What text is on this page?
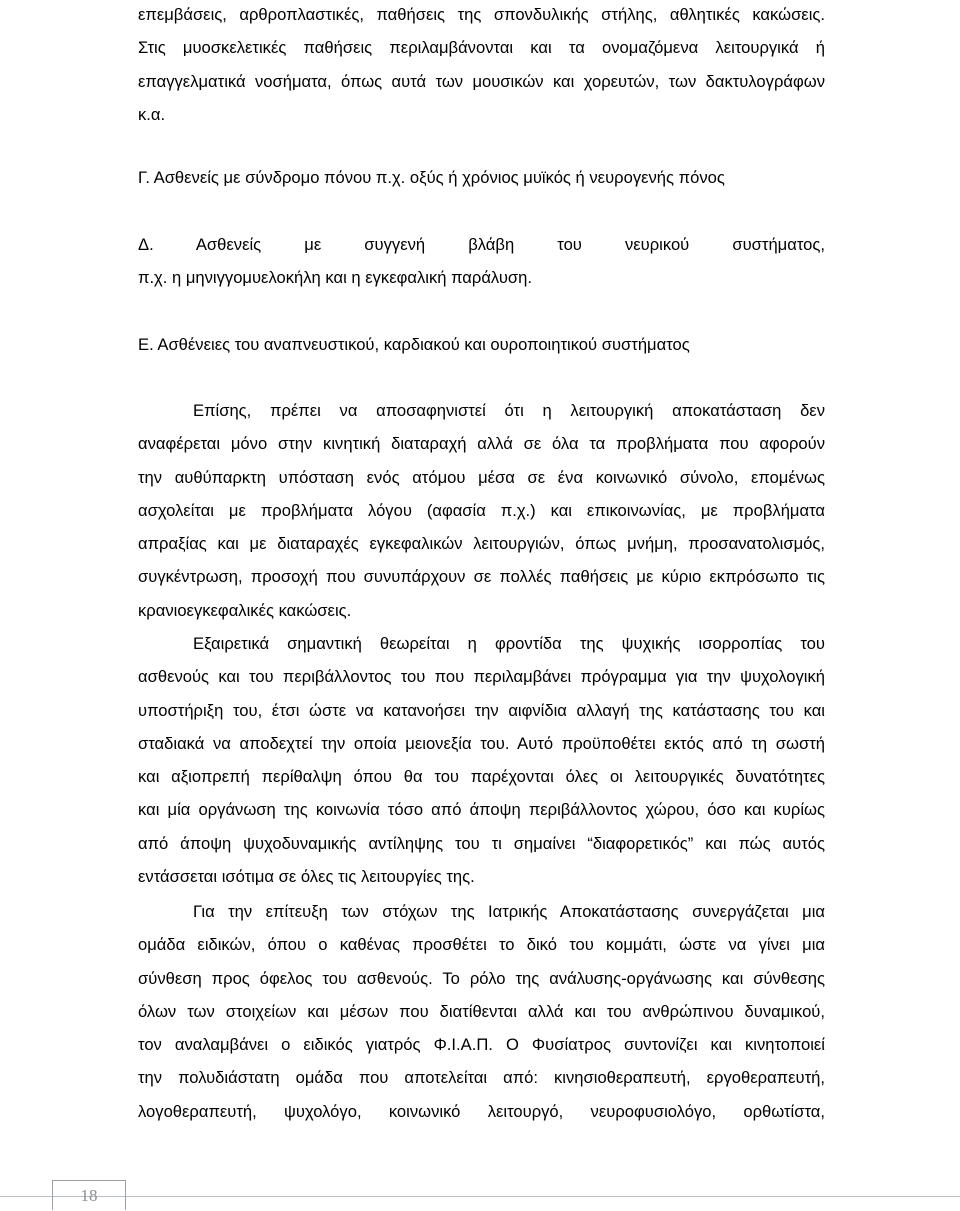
επεμβάσεις, αρθροπλαστικές, παθήσεις της σπονδυλικής στήλης, αθλητικές κακώσεις.
Στις μυοσκελετικές παθήσεις περιλαμβάνονται και τα ονομαζόμενα λειτουργικά ή
επαγγελματικά νοσήματα, όπως αυτά των μουσικών και χορευτών, των δακτυλογράφων
κ.α.
Γ. Ασθενείς με σύνδρομο πόνου π.χ. οξύς ή χρόνιος μυϊκός ή νευρογενής πόνος
Δ. Ασθενείς με συγγενή βλάβη του νευρικού συστήματος,
π.χ. η μηνιγγομυελοκήλη και η εγκεφαλική παράλυση.
Ε. Ασθένειες του αναπνευστικού, καρδιακού και ουροποιητικού συστήματος
Επίσης, πρέπει να αποσαφηνιστεί ότι η λειτουργική αποκατάσταση δεν
αναφέρεται μόνο στην κινητική διαταραχή αλλά σε όλα τα προβλήματα που αφορούν
την αυθύπαρκτη υπόσταση ενός ατόμου μέσα σε ένα κοινωνικό σύνολο, επομένως
ασχολείται με προβλήματα λόγου (αφασία π.χ.) και επικοινωνίας, με προβλήματα
απραξίας και με διαταραχές εγκεφαλικών λειτουργιών, όπως μνήμη, προσανατολισμός,
συγκέντρωση, προσοχή που συνυπάρχουν σε πολλές παθήσεις με κύριο εκπρόσωπο τις
κρανιοεγκεφαλικές κακώσεις.
Εξαιρετικά σημαντική θεωρείται η φροντίδα της ψυχικής ισορροπίας του
ασθενούς και του περιβάλλοντος του που περιλαμβάνει πρόγραμμα για την ψυχολογική
υποστήριξη του, έτσι ώστε να κατανοήσει την αιφνίδια αλλαγή της κατάστασης του και
σταδιακά να αποδεχτεί την οποία μειονεξία του. Αυτό προϋποθέτει εκτός από τη σωστή
και αξιοπρεπή περίθαλψη όπου θα του παρέχονται όλες οι λειτουργικές δυνατότητες
και μία οργάνωση της κοινωνία τόσο από άποψη περιβάλλοντος χώρου, όσο και κυρίως
από άποψη ψυχοδυναμικής αντίληψης του τι σημαίνει “διαφορετικός” και πώς αυτός
εντάσσεται ισότιμα σε όλες τις λειτουργίες της.
Για την επίτευξη των στόχων της Ιατρικής Αποκατάστασης συνεργάζεται μια
ομάδα ειδικών, όπου ο καθένας προσθέτει το δικό του κομμάτι, ώστε να γίνει μια
σύνθεση προς όφελος του ασθενούς. Το ρόλο της ανάλυσης-οργάνωσης και σύνθεσης
όλων των στοιχείων και μέσων που διατίθενται αλλά και του ανθρώπινου δυναμικού,
τον αναλαμβάνει ο ειδικός γιατρός Φ.Ι.Α.Π. Ο Φυσίατρος συντονίζει και κινητοποιεί
την πολυδιάστατη ομάδα που αποτελείται από: κινησιοθεραπευτή, εργοθεραπευτή,
λογοθεραπευτή, ψυχολόγο, κοινωνικό λειτουργό, νευροφυσιολόγο, ορθωτίστα,
18
